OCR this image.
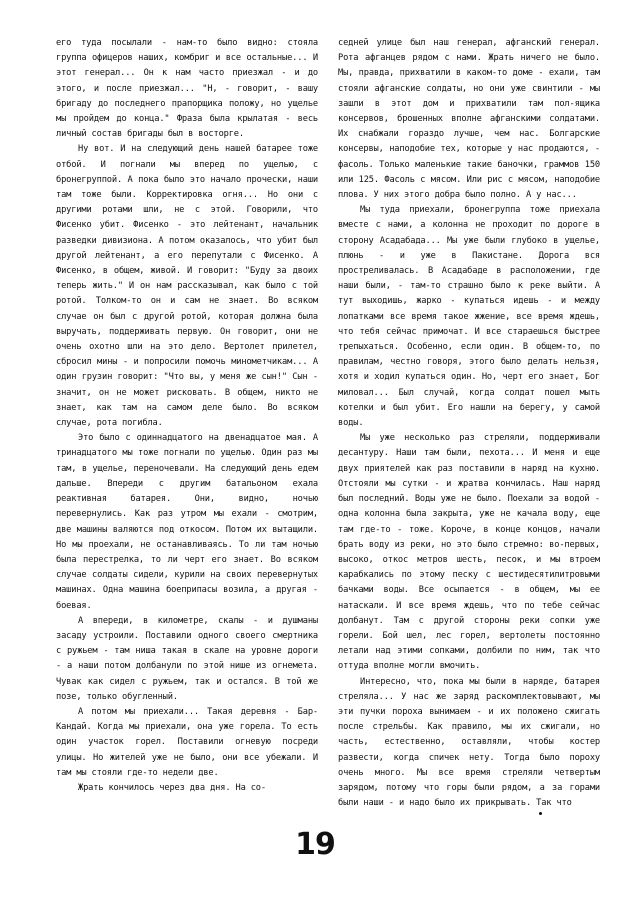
его туда посылали - нам-то было видно: стояла группа офицеров наших, комбриг и все остальные... И этот генерал... Он к нам часто приезжал - и до этого, и после приезжал... "Н, - говорит, - вашу бригаду до последнего прапорщика положу, но ущелье мы пройдем до конца." Фраза была крылатая - весь личный состав бригады был в восторге.

Ну вот. И на следующий день нашей батарее тоже отбой. И погнали мы вперед по ущелью, с бронегруппой. А пока было это начало прочески, наши там тоже были. Корректировка огня... Но они с другими ротами шли, не с этой. Говорили, что Фисенко убит. Фисенко - это лейтенант, начальник разведки дивизиона. А потом оказалось, что убит был другой лейтенант, а его перепутали с Фисенко. А Фисенко, в общем, живой. И говорит: "Буду за двоих теперь жить." И он нам рассказывал, как было с той ротой. Толком-то он и сам не знает. Во всяком случае он был с другой ротой, которая должна была выручать, поддерживать первую. Он говорит, они не очень охотно шли на это дело. Вертолет прилетел, сбросил мины - и попросили помочь минометчикам... А один грузин говорит: "Что вы, у меня же сын!" Сын - значит, он не может рисковать. В общем, никто не знает, как там на самом деле было. Во всяком случае, рота погибла.

Это было с одиннадцатого на двенадцатое мая. А тринадцатого мы тоже погнали по ущелью. Один раз мы там, в ущелье, переночевали. На следующий день едем дальше. Впереди с другим батальоном ехала реактивная батарея. Они, видно, ночью перевернулись. Как раз утром мы ехали - смотрим, две машины валяются под откосом. Потом их вытащили. Но мы проехали, не останавливаясь. То ли там ночью была перестрелка, то ли черт его знает. Во всяком случае солдаты сидели, курили на своих перевернутых машинах. Одна машина боеприпасы возила, а другая - боевая.

А впереди, в километре, скалы - и душманы засаду устроили. Поставили одного своего смертника с ружьем - там ниша такая в скале на уровне дороги - а наши потом долбанули по этой нише из огнемета. Чувак как сидел с ружьем, так и остался. В той же позе, только обугленный.

А потом мы приехали... Такая деревня - Бар-Кандай. Когда мы приехали, она уже горела. То есть один участок горел. Поставили огневую посреди улицы. Но жителей уже не было, они все убежали. И там мы стояли где-то недели две.

Жрать кончилось через два дня. На со-

седней улице был наш генерал, афганский генерал. Рота афганцев рядом с нами. Жрать ничего не было. Мы, правда, прихватили в каком-то доме - ехали, там стояли афганские солдаты, но они уже свинтили - мы зашли в этот дом и прихватили там пол-ящика консервов, брошенных вполне афганскими солдатами. Их снабжали гораздо лучше, чем нас. Болгарские консервы, наподобие тех, которые у нас продаются, - фасоль. Только маленькие такие баночки, граммов 150 или 125. Фасоль с мясом. Или рис с мясом, наподобие плова. У них этого добра было полно. А у нас...

Мы туда приехали, бронегруппа тоже приехала вместе с нами, а колонна не проходит по дороге в сторону Асадабада... Мы уже были глубоко в ущелье, плюнь - и уже в Пакистане. Дорога вся простреливалась. В Асадабаде в расположении, где наши были, - там-то страшно было к реке выйти. А тут выходишь, жарко - купаться идешь - и между лопатками все время такое жжение, все время ждешь, что тебя сейчас примочат. И все стараешься быстрее трепыхаться. Особенно, если один. В общем-то, по правилам, честно говоря, этого было делать нельзя, хотя и ходил купаться один. Но, черт его знает, Бог миловал... Был случай, когда солдат пошел мыть котелки и был убит. Его нашли на берегу, у самой воды.

Мы уже несколько раз стреляли, поддерживали десантуру. Наши там были, пехота... И меня и еще двух приятелей как раз поставили в наряд на кухню. Отстояли мы сутки - и жратва кончилась. Наш наряд был последний. Воды уже не было. Поехали за водой - одна колонна была закрыта, уже не качала воду, еще там где-то - тоже. Короче, в конце концов, начали брать воду из реки, но это было стремно: во-первых, высоко, откос метров шесть, песок, и мы втроем карабкались по этому песку с шестидесятилитровыми бачками воды. Все осыпается - в общем, мы ее натаскали. И все время ждешь, что по тебе сейчас долбанут. Там с другой стороны реки сопки уже горели. Бой шел, лес горел, вертолеты постоянно летали над этими сопками, долбили по ним, так что оттуда вполне могли вмочить.

Интересно, что, пока мы были в наряде, батарея стреляла... У нас же заряд раскомплектовывают, мы эти пучки пороха вынимаем - и их положено сжигать после стрельбы. Как правило, мы их сжигали, но часть, естественно, оставляли, чтобы костер развести, когда спичек нету. Тогда было пороху очень много. Мы все время стреляли четвертым зарядом, потому что горы были рядом, а за горами были наши - и надо было их прикрывать. Так что

19
